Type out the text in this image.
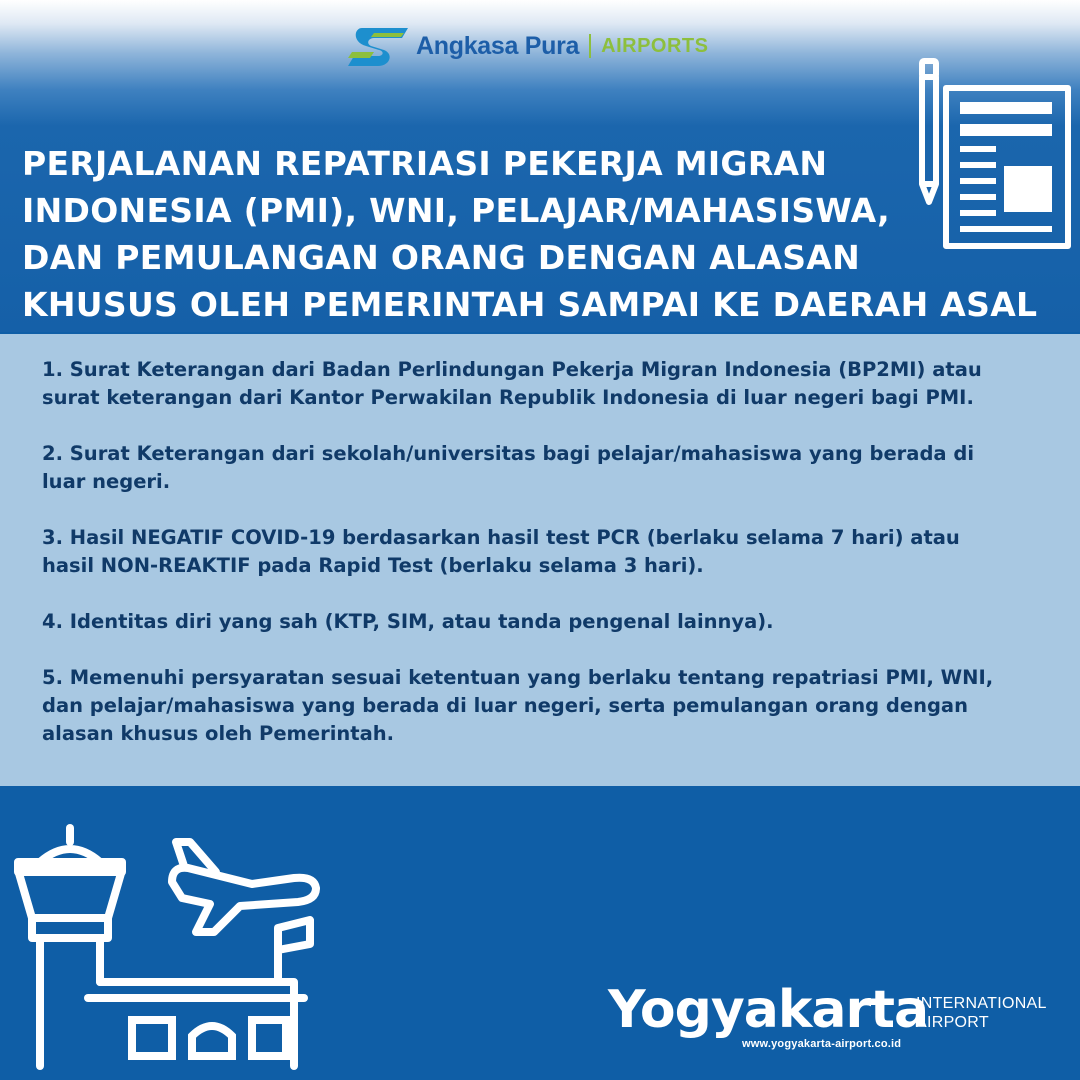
Angkasa Pura AIRPORTS
PERJALANAN REPATRIASI PEKERJA MIGRAN
INDONESIA (PMI), WNI, PELAJAR/MAHASISWA,
DAN PEMULANGAN ORANG DENGAN ALASAN
KHUSUS OLEH PEMERINTAH SAMPAI KE DAERAH ASAL
1. Surat Keterangan dari Badan Perlindungan Pekerja Migran Indonesia (BP2MI) atau
surat keterangan dari Kantor Perwakilan Republik Indonesia di luar negeri bagi PMI.
2. Surat Keterangan dari sekolah/universitas bagi pelajar/mahasiswa yang berada di
luar negeri.
3. Hasil NEGATIF COVID-19 berdasarkan hasil test PCR (berlaku selama 7 hari) atau
hasil NON-REAKTIF pada Rapid Test (berlaku selama 3 hari).
4. Identitas diri yang sah (KTP, SIM, atau tanda pengenal lainnya).
5. Memenuhi persyaratan sesuai ketentuan yang berlaku tentang repatriasi PMI, WNI,
dan pelajar/mahasiswa yang berada di luar negeri, serta pemulangan orang dengan
alasan khusus oleh Pemerintah.
Yogyakarta
INTERNATIONAL
AIRPORT
www.yogyakarta-airport.co.id
